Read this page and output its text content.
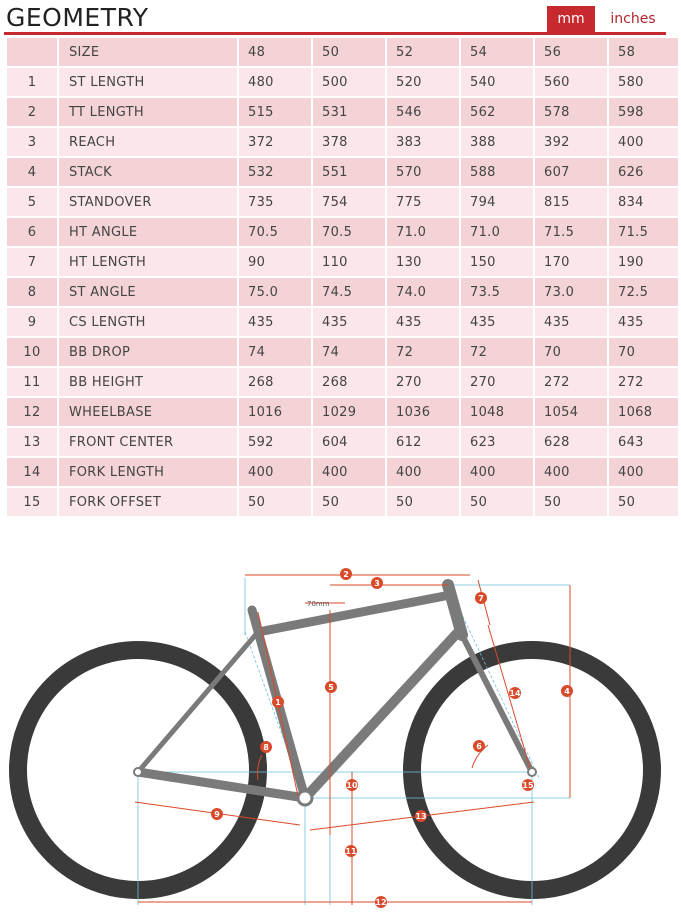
GEOMETRY	mm	inches
	SIZE	48	50	52	54	56	58

1	ST LENGTH	480	500	520	540	560	580

2	TT LENGTH	515	531	546	562	578	598

3	REACH	372	378	383	388	392	400

4	STACK	532	551	570	588	607	626

5	STANDOVER	735	754	775	794	815	834

6	HT ANGLE	70.5	70.5	71.0	71.0	71.5	71.5

7	HT LENGTH	90	110	130	150	170	190

8	ST ANGLE	75.0	74.5	74.0	73.5	73.0	72.5

9	CS LENGTH	435	435	435	435	435	435

10	BB DROP	74	74	72	72	70	70

11	BB HEIGHT	268	268	270	270	272	272

12	WHEELBASE	1016	1029	1036	1048	1054	1068

13	FRONT CENTER	592	604	612	623	628	643

14	FORK LENGTH	400	400	400	400	400	400

15	FORK OFFSET	50	50	50	50	50	50
70mm
1
2
3
4
5
6
7
8
9
10
11
12
13
14
15
